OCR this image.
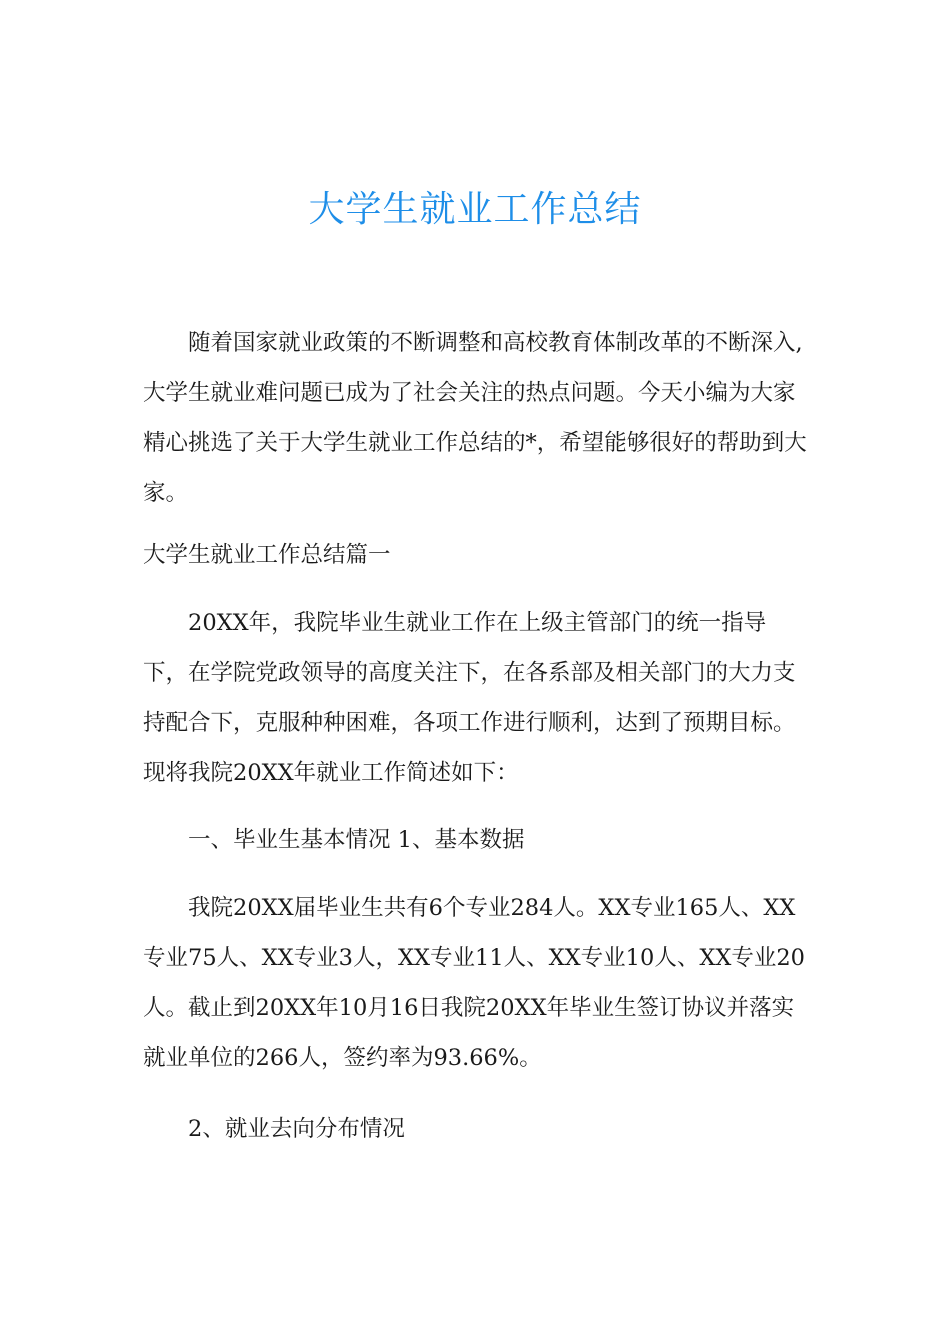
大学生就业工作总结

随着国家就业政策的不断调整和高校教育体制改革的不断深入,大学生就业难问题已成为了社会关注的热点问题。今天小编为大家精心挑选了关于大学生就业工作总结的*，希望能够很好的帮助到大家。

大学生就业工作总结篇一

20XX年，我院毕业生就业工作在上级主管部门的统一指导下，在学院党政领导的高度关注下，在各系部及相关部门的大力支持配合下，克服种种困难，各项工作进行顺利，达到了预期目标。现将我院20XX年就业工作简述如下：

一、毕业生基本情况 1、基本数据

我院20XX届毕业生共有6个专业284人。XX专业165人、XX专业75人、XX专业3人，XX专业11人、XX专业10人、XX专业20人。截止到20XX年10月16日我院20XX年毕业生签订协议并落实就业单位的266人，签约率为93.66%。

2、就业去向分布情况
